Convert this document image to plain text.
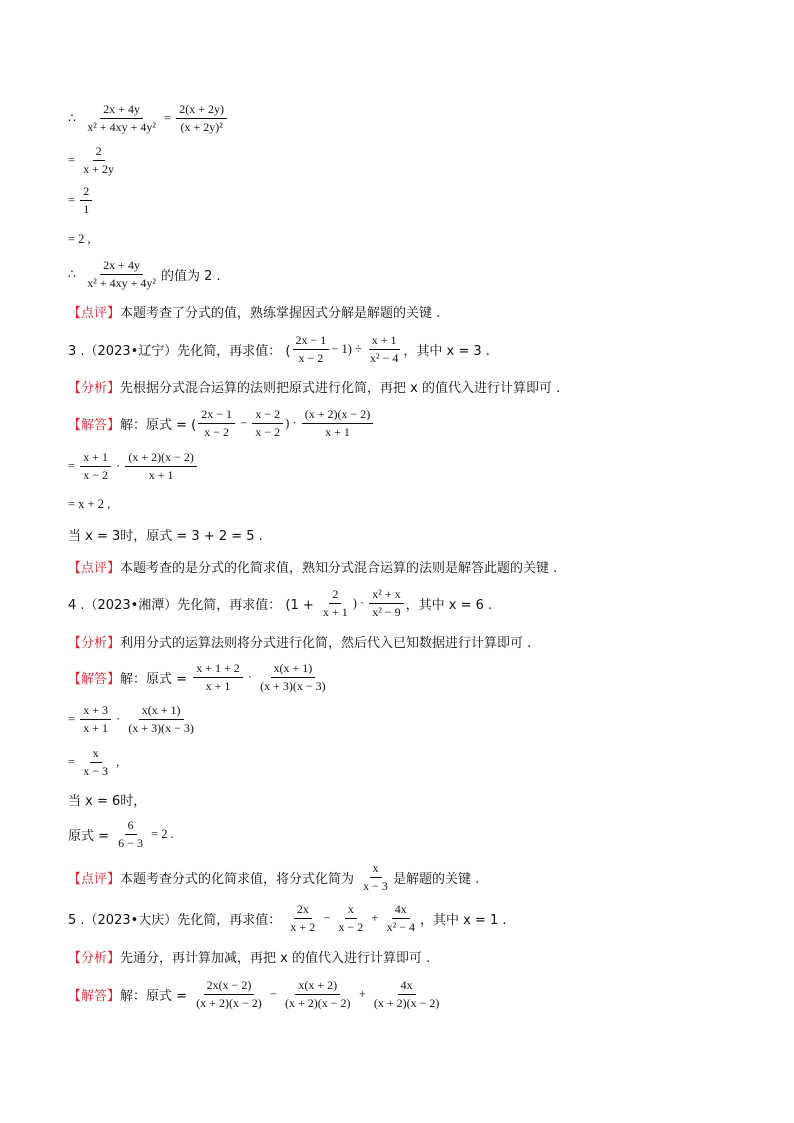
∴ $\frac{2x + 4y}{\text{x² + 4xy + 4y²}} = \frac{2(x + 2y)}{\text{(x + 2y)²}}$
= $\frac{2}{x + 2y}$
= $\frac{2}{1}$
= 2 ,
∴ $\frac{2x + 4y}{\text{x² + 4xy + 4y²}}$ 的值为 2 .
【点评】 本题考查了分式的值，熟练掌握因式分解是解题的关键 .
3 .（2023•辽宁）先化简，再求值： ( $\frac{2x - 1}{x - 2} - 1) \div \frac{x + 1}{\text{x² − 4}}$ ，其中 x = 3 .
【分析】 先根据分式混合运算的法则把原式进行化简，再把 x 的值代入进行计算即可 .
【解答】 解：原式 = ( $\frac{2x - 1}{x - 2} - \frac{x - 2}{x - 2}$ ) · $\frac{(x + 2)(x - 2)}{x + 1}$
= $\frac{x + 1}{x - 2} \cdot \frac{(x + 2)(x - 2)}{x + 1}$
= x + 2 ,
当 x = 3时，原式 = 3 + 2 = 5 .
【点评】 本题考查的是分式的化简求值，熟知分式混合运算的法则是解答此题的关键 .
4 .（2023•湘潭）先化简，再求值： ($1 + \frac{2}{x + 1}$ ) · $\frac{\text{x² + x}}{\text{x² − 9}}$ ，其中 x = 6 .
【分析】 利用分式的运算法则将分式进行化简，然后代入已知数据进行计算即可 .
【解答】 解：原式 = $\frac{x + 1 + 2}{x + 1} \cdot \frac{x(x + 1)}{(x + 3)(x - 3)}$
= $\frac{x + 3}{x + 1} \cdot \frac{x(x + 1)}{(x + 3)(x - 3)}$
= $\frac{x}{x - 3}$ ,
当 x = 6时，
原式 = $\frac{6}{6 - 3} = 2$ .
【点评】 本题考查分式的化简求值，将分式化简为 $\frac{x}{x - 3}$ 是解题的关键 .
5 .（2023•大庆）先化简，再求值： $\frac{2x}{x + 2} - \frac{x}{x - 2} + \frac{4x}{\text{x² − 4}}$ ，其中 x = 1 .
【分析】 先通分，再计算加减，再把 x 的值代入进行计算即可 .
【解答】 解：原式 = $\frac{2x(x - 2)}{(x + 2)(x - 2)} - \frac{x(x + 2)}{(x + 2)(x - 2)} + \frac{4x}{(x + 2)(x - 2)}$
